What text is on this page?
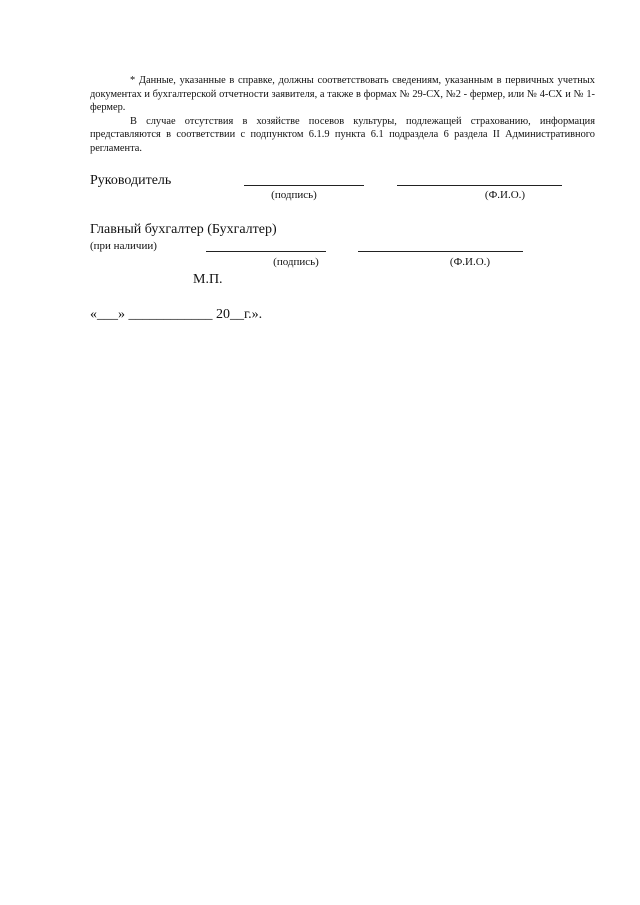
* Данные, указанные в справке, должны соответствовать сведениям, указанным в первичных учетных документах и бухгалтерской отчетности заявителя, а также в формах № 29-СХ, №2 - фермер, или № 4-СХ и № 1-фермер.

В случае отсутствия в хозяйстве посевов культуры, подлежащей страхованию, информация представляются в соответствии с подпунктом 6.1.9 пункта 6.1 подраздела 6 раздела II Административного регламента.

Руководитель
(подпись)	(Ф.И.О.)
Главный бухгалтер (Бухгалтер)
(при наличии)
(подпись)	(Ф.И.О.)
М.П.
«___» ____________ 20__г.».
